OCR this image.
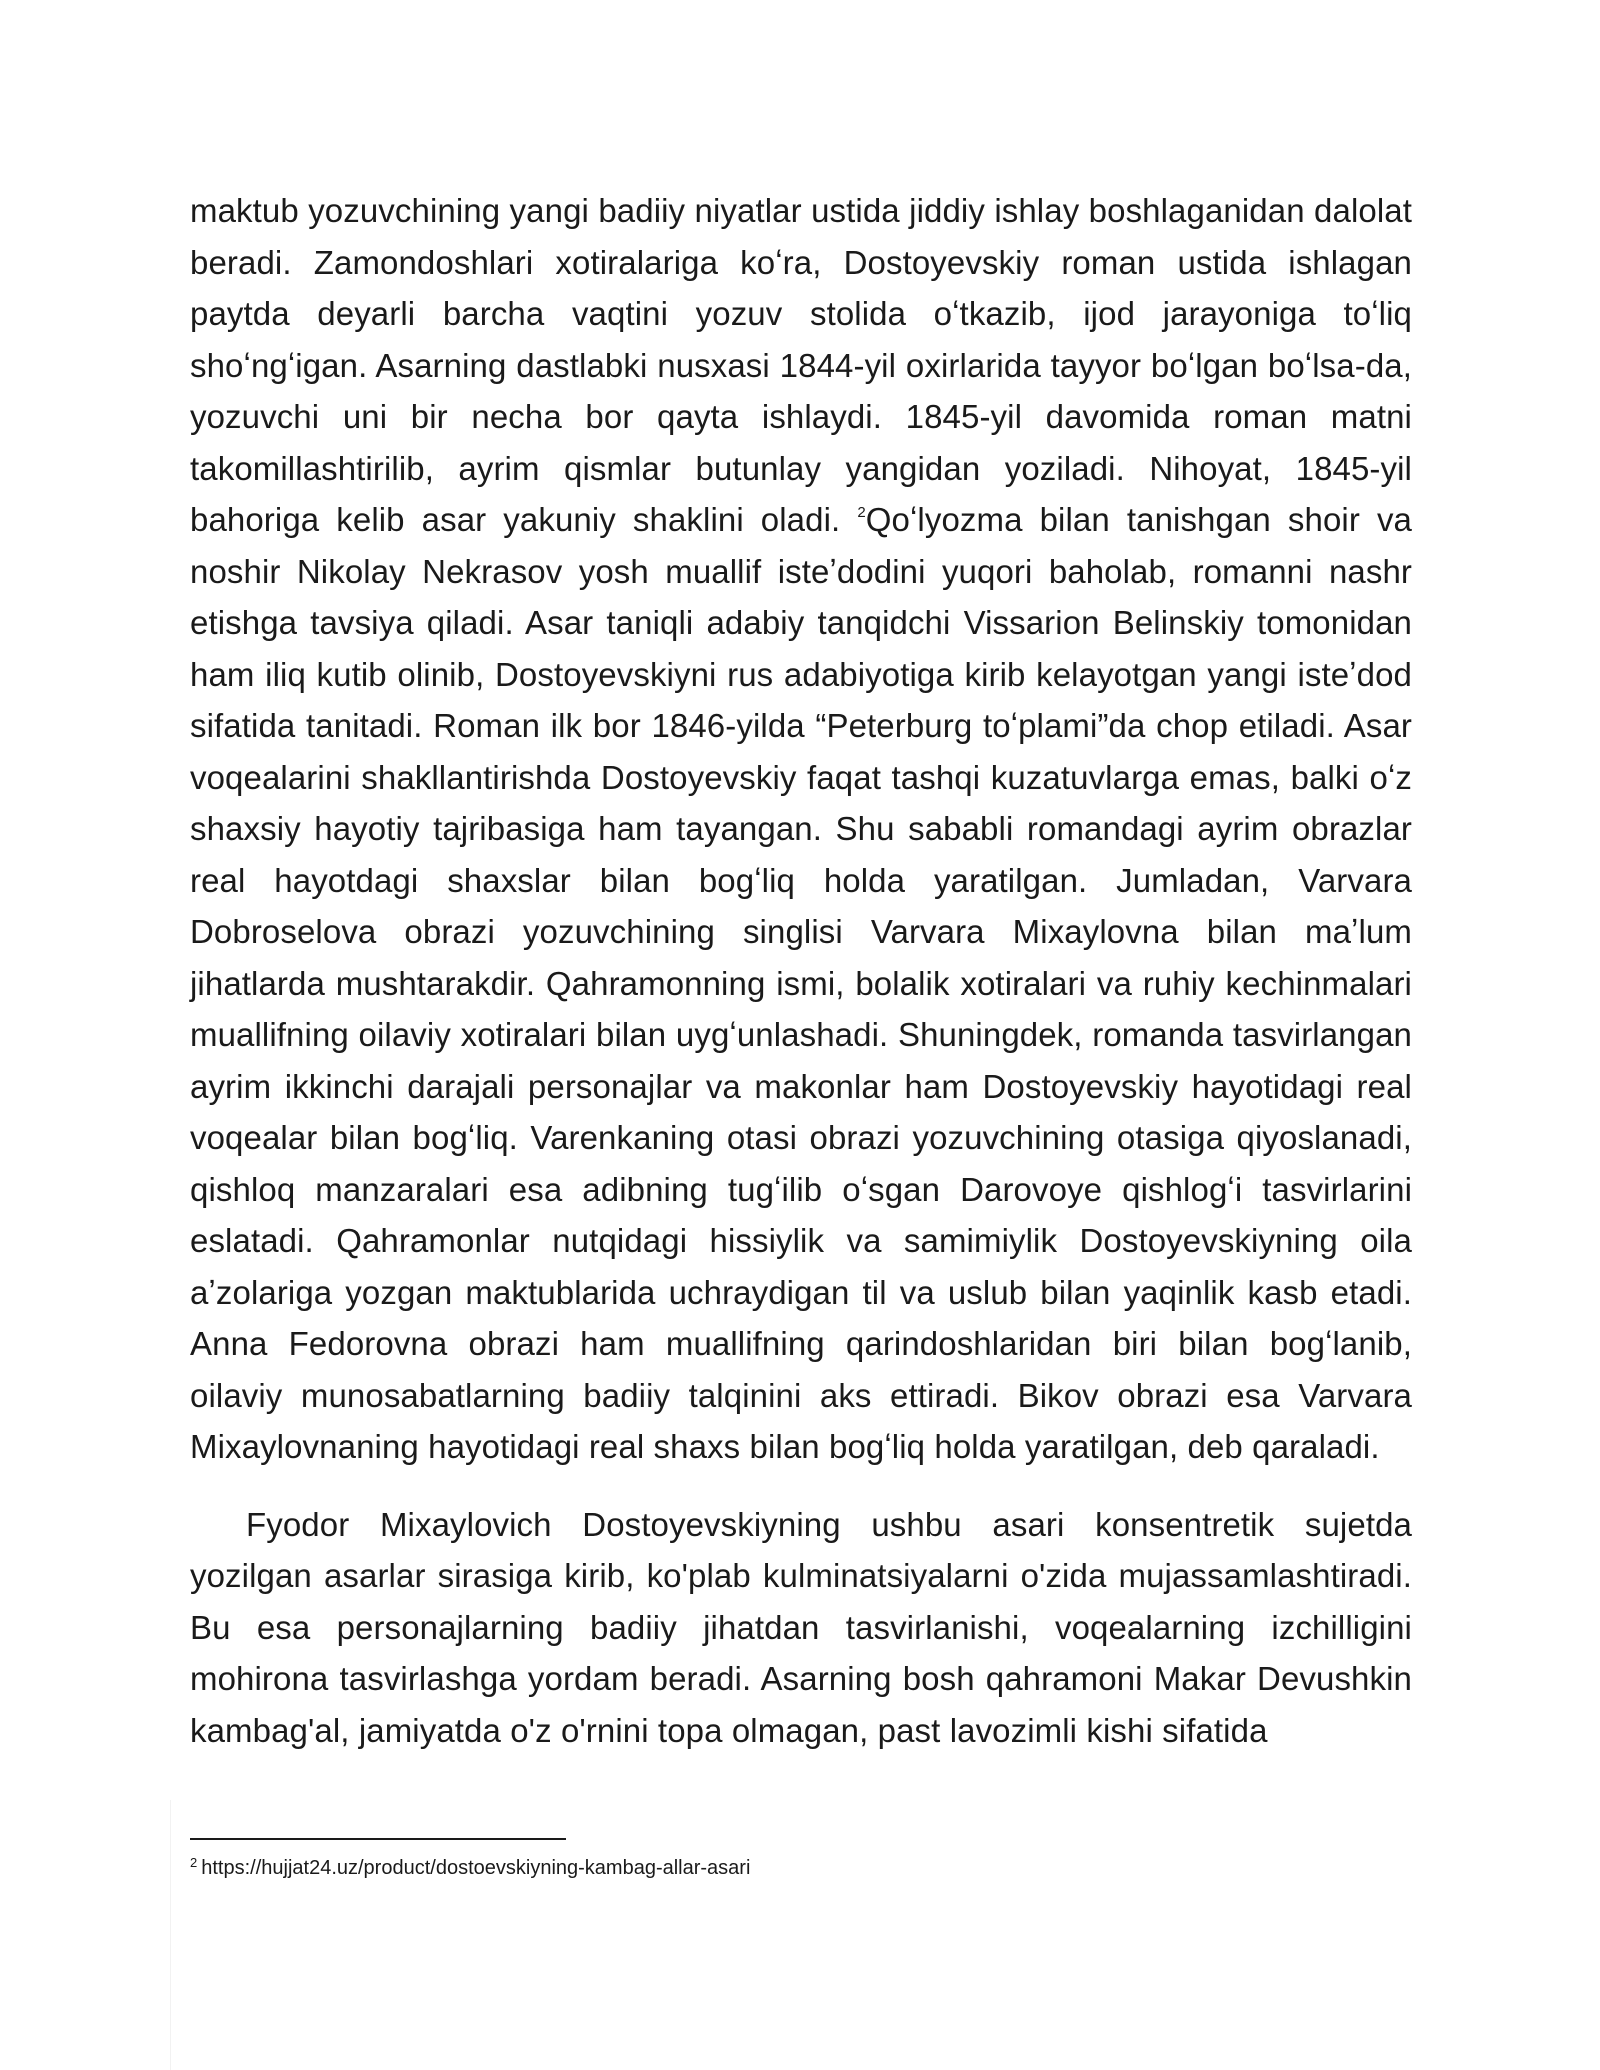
maktub yozuvchining yangi badiiy niyatlar ustida jiddiy ishlay boshlaganidan dalolat beradi. Zamondoshlari xotiralariga koʻra, Dostoyevskiy roman ustida ishlagan paytda deyarli barcha vaqtini yozuv stolida oʻtkazib, ijod jarayoniga toʻliq shoʻngʻigan. Asarning dastlabki nusxasi 1844-yil oxirlarida tayyor boʻlgan boʻlsa-da, yozuvchi uni bir necha bor qayta ishlaydi. 1845-yil davomida roman matni takomillashtirilib, ayrim qismlar butunlay yangidan yoziladi. Nihoyat, 1845-yil bahoriga kelib asar yakuniy shaklini oladi. $^2$Qoʻlyozma bilan tanishgan shoir va noshir Nikolay Nekrasov yosh muallif isteʼdodini yuqori baholab, romanni nashr etishga tavsiya qiladi. Asar taniqli adabiy tanqidchi Vissarion Belinskiy tomonidan ham iliq kutib olinib, Dostoyevskiyni rus adabiyotiga kirib kelayotgan yangi isteʼdod sifatida tanitadi. Roman ilk bor 1846-yilda “Peterburg toʻplami”da chop etiladi. Asar voqealarini shakllantirishda Dostoyevskiy faqat tashqi kuzatuvlarga emas, balki oʻz shaxsiy hayotiy tajribasiga ham tayangan. Shu sababli romandagi ayrim obrazlar real hayotdagi shaxslar bilan bogʻliq holda yaratilgan. Jumladan, Varvara Dobroselova obrazi yozuvchining singlisi Varvara Mixaylovna bilan maʼlum jihatlarda mushtarakdir. Qahramonning ismi, bolalik xotiralari va ruhiy kechinmalari muallifning oilaviy xotiralari bilan uygʻunlashadi. Shuningdek, romanda tasvirlangan ayrim ikkinchi darajali personajlar va makonlar ham Dostoyevskiy hayotidagi real voqealar bilan bogʻliq. Varenkaning otasi obrazi yozuvchining otasiga qiyoslanadi, qishloq manzaralari esa adibning tugʻilib oʻsgan Darovoye qishlogʻi tasvirlarini eslatadi. Qahramonlar nutqidagi hissiylik va samimiylik Dostoyevskiyning oila aʼzolariga yozgan maktublarida uchraydigan til va uslub bilan yaqinlik kasb etadi. Anna Fedorovna obrazi ham muallifning qarindoshlaridan biri bilan bogʻlanib, oilaviy munosabatlarning badiiy talqinini aks ettiradi. Bikov obrazi esa Varvara Mixaylovnaning hayotidagi real shaxs bilan bogʻliq holda yaratilgan, deb qaraladi.

Fyodor Mixaylovich Dostoyevskiyning ushbu asari konsentretik sujetda yozilgan asarlar sirasiga kirib, ko'plab kulminatsiyalarni o'zida mujassamlashtiradi. Bu esa personajlarning badiiy jihatdan tasvirlanishi, voqealarning izchilligini mohirona tasvirlashga yordam beradi. Asarning bosh qahramoni Makar Devushkin kambag'al, jamiyatda o'z o'rnini topa olmagan, past lavozimli kishi sifatida

$^2$ https://hujjat24.uz/product/dostoevskiyning-kambag-allar-asari
